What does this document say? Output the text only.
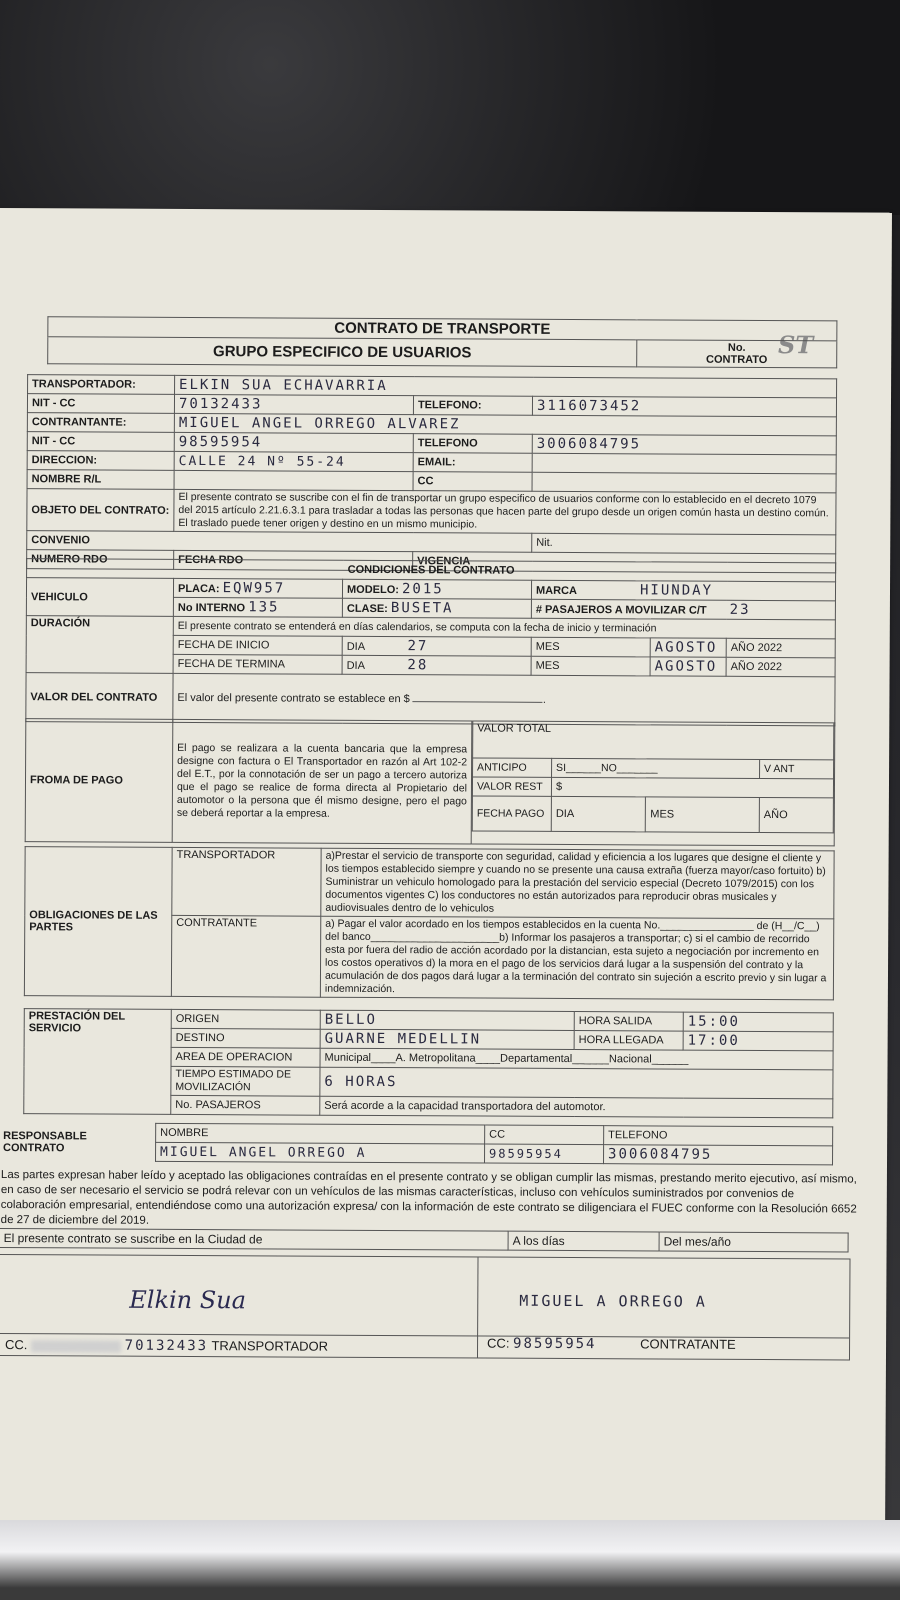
ST
CONTRATO DE TRANSPORTE
GRUPO ESPECIFICO DE USUARIOS	No.
CONTRATO
TRANSPORTADOR:	ELKIN SUA ECHAVARRIA		
NIT - CC	70132433	TELEFONO:	3116073452
CONTRANTANTE:	MIGUEL ANGEL ORREGO ALVAREZ		
NIT - CC	98595954	TELEFONO	3006084795
DIRECCION:	CALLE 24 Nº 55-24	EMAIL:	
NOMBRE R/L		CC	
OBJETO DEL CONTRATO:	El presente contrato se suscribe con el fin de transportar un grupo especifico de usuarios conforme con lo establecido en el decreto 1079 del 2015 artículo 2.21.6.3.1 para trasladar a todas las personas que hacen parte del grupo desde un origen común hasta un destino común. El traslado puede tener origen y destino en un mismo municipio.		
CONVENIO			Nit.
NUMERO RDO	FECHA RDO	VIGENCIA	
CONDICIONES DEL CONTRATO					
VEHICULO	PLACA: EQW957	MODELO: 2015	MARCA HIUNDAY		
	No INTERNO 135	CLASE: BUSETA	# PASAJEROS A MOVILIZAR C/T 23		
DURACIÓN	El presente contrato se entenderá en días calendarios, se computa con la fecha de inicio y terminación				
	FECHA DE INICIO	DIA 27	MES	AGOSTO	AÑO 2022
	FECHA DE TERMINA	DIA 28	MES	AGOSTO	AÑO 2022
VALOR DEL CONTRATO	El valor del presente contrato se establece en $ .				
FROMA DE PAGO	El pago se realizara a la cuenta bancaria que la empresa designe con factura o El Transportador en razón al Art 102-2 del E.T., por la connotación de ser un pago a tercero autoriza que el pago se realice de forma directa al Propietario del automotor o la persona que él mismo designe, pero el pago se deberá reportar a la empresa.	
VALOR TOTAL
ANTICIPO	SI______NO_______	V ANT
VALOR REST	$
FECHA PAGO	DIA	MES	AÑO
OBLIGACIONES DE LAS PARTES	TRANSPORTADOR	a)Prestar el servicio de transporte con seguridad, calidad y eficiencia a los lugares que designe el cliente y los tiempos establecido siempre y cuando no se presente una causa extraña (fuerza mayor/caso fortuito) b) Suministrar un vehiculo homologado para la prestación del servicio especial (Decreto 1079/2015) con los documentos vigentes C) los conductores no están autorizados para reproducir obras musicales y audiovisuales dentro de lo vehiculos
	CONTRATANTE	a) Pagar el valor acordado en los tiempos establecidos en la cuenta No.________________ de (H__/C__) del banco______________________b) Informar los pasajeros a transportar; c) si el cambio de recorrido esta por fuera del radio de acción acordado por la distancian, esta sujeto a negociación por incremento en los costos operativos d) la mora en el pago de los servicios dará lugar a la suspensión del contrato y la acumulación de dos pagos dará lugar a la terminación del contrato sin sujeción a escrito previo y sin lugar a indemnización.
PRESTACIÓN DEL SERVICIO	ORIGEN	BELLO	HORA SALIDA	15:00
	DESTINO	GUARNE MEDELLIN	HORA LLEGADA	17:00
	AREA DE OPERACION	Municipal____A. Metropolitana____Departamental______Nacional______		
	TIEMPO ESTIMADO DE MOVILIZACIÓN	6 HORAS		
	No. PASAJEROS	Será acorde a la capacidad transportadora del automotor.		
RESPONSABLE CONTRATO	NOMBRE	CC	TELEFONO
	MIGUEL ANGEL ORREGO A	98595954	3006084795
Las partes expresan haber leído y aceptado las obligaciones contraídas en el presente contrato y se obligan cumplir las mismas, prestando merito ejecutivo, así mismo, en caso de ser necesario el servicio se podrá relevar con un vehículos de las mismas características, incluso con vehículos suministrados por convenios de colaboración empresarial, entendiéndose como una autorización expresa/ con la información de este contrato se diligenciara el FUEC conforme con la Resolución 6652 de 27 de diciembre del 2019.
El presente contrato se suscribe en la Ciudad de	A los días	Del mes/año
Elkin Sua	MIGUEL A ORREGO A
CC.	70132433 TRANSPORTADOR	CC: 98595954	CONTRATANTE
